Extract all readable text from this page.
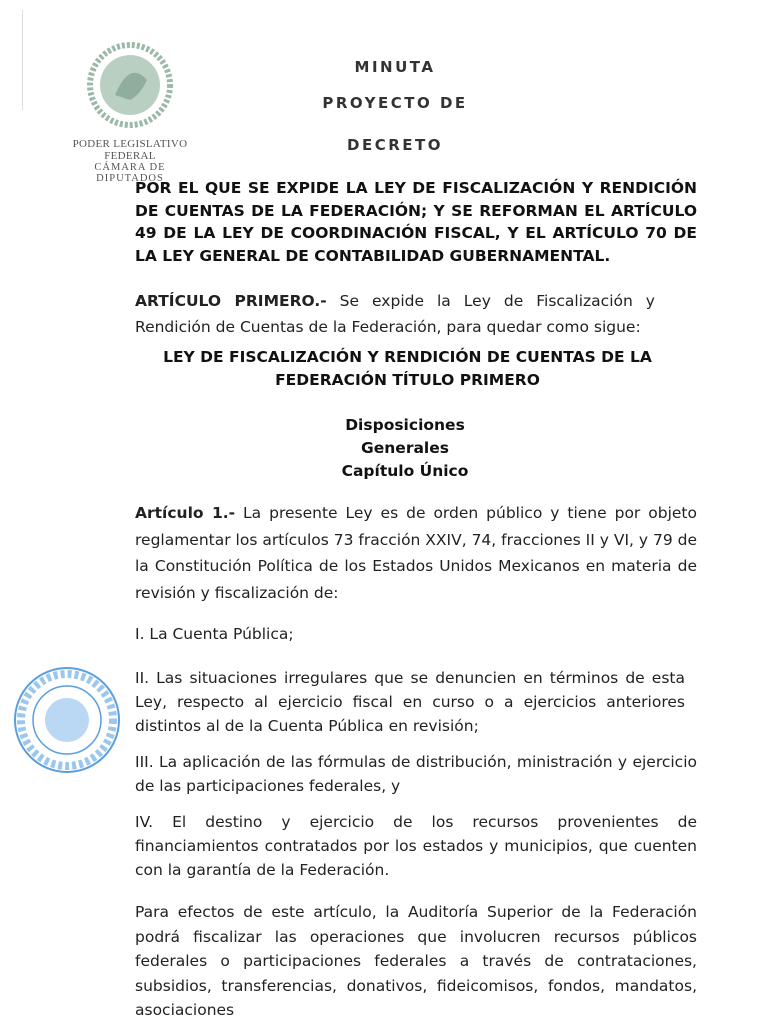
PODER LEGISLATIVO FEDERAL
CÁMARA DE DIPUTADOS
MINUTA
PROYECTO DE
DECRETO
POR EL QUE SE EXPIDE LA LEY DE FISCALIZACIÓN Y RENDICIÓN DE CUENTAS DE LA FEDERACIÓN; Y SE REFORMAN EL ARTÍCULO 49 DE LA LEY DE COORDINACIÓN FISCAL, Y EL ARTÍCULO 70 DE LA LEY GENERAL DE CONTABILIDAD GUBERNAMENTAL.
ARTÍCULO PRIMERO.- Se expide la Ley de Fiscalización y Rendición de Cuentas de la Federación, para quedar como sigue:
LEY DE FISCALIZACIÓN Y RENDICIÓN DE CUENTAS DE LA
FEDERACIÓN TÍTULO PRIMERO
Disposiciones
Generales
Capítulo Único
Artículo 1.- La presente Ley es de orden público y tiene por objeto reglamentar los artículos 73 fracción XXIV, 74, fracciones II y VI, y 79 de la Constitución Política de los Estados Unidos Mexicanos en materia de revisión y fiscalización de:
I. La Cuenta Pública;
II. Las situaciones irregulares que se denuncien en términos de esta Ley, respecto al ejercicio fiscal en curso o a ejercicios anteriores distintos al de la Cuenta Pública en revisión;
III. La aplicación de las fórmulas de distribución, ministración y ejercicio de las participaciones federales, y
IV. El destino y ejercicio de los recursos provenientes de financiamientos contratados por los estados y municipios, que cuenten con la garantía de la Federación.
Para efectos de este artículo, la Auditoría Superior de la Federación podrá fiscalizar las operaciones que involucren recursos públicos federales o participaciones federales a través de contrataciones, subsidios, transferencias, donativos, fideicomisos, fondos, mandatos, asociaciones
